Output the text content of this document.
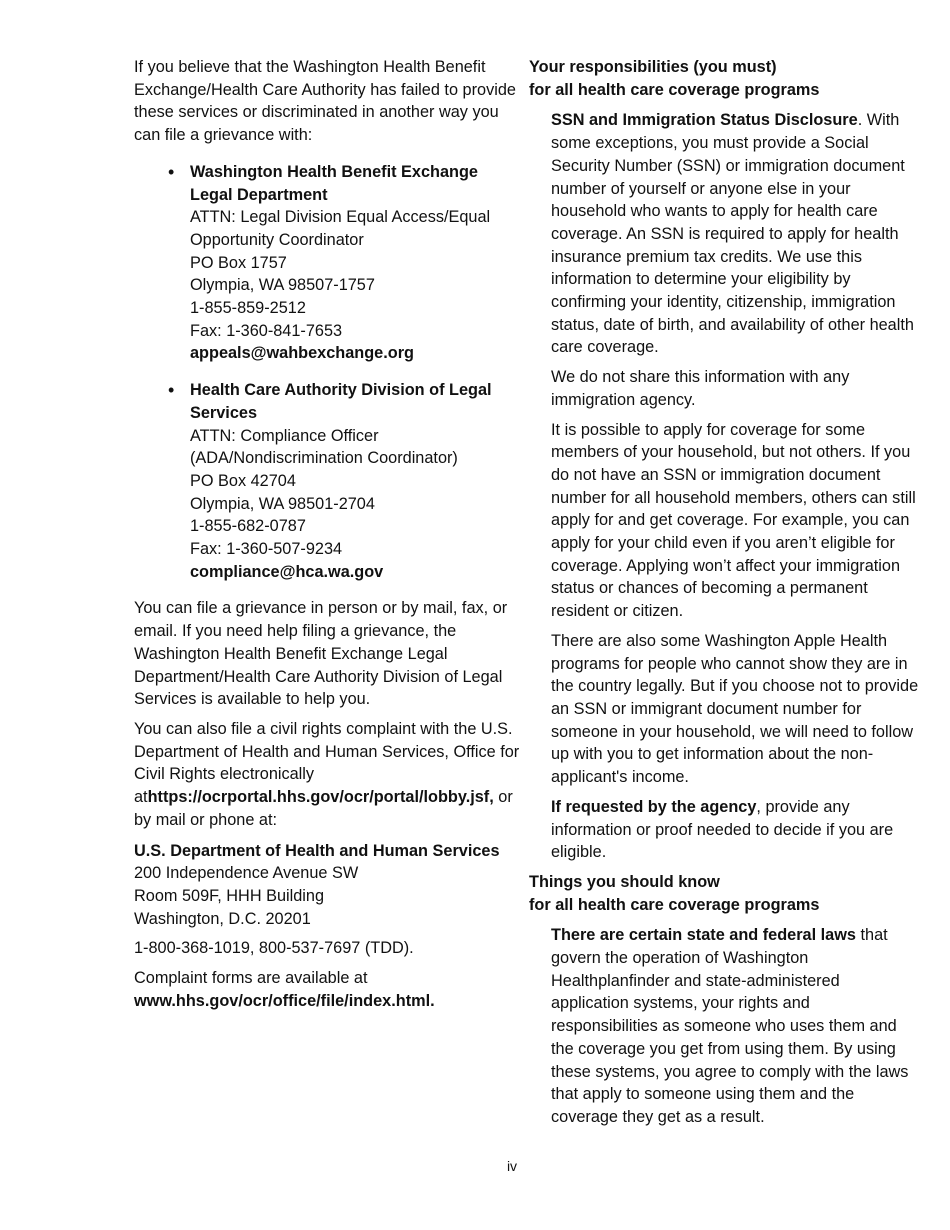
If you believe that the Washington Health Benefit Exchange/Health Care Authority has failed to provide these services or discriminated in another way you can file a grievance with:

• Washington Health Benefit Exchange Legal Department
ATTN: Legal Division Equal Access/Equal Opportunity Coordinator
PO Box 1757
Olympia, WA 98507-1757
1-855-859-2512
Fax: 1-360-841-7653
appeals@wahbexchange.org
• Health Care Authority Division of Legal Services
ATTN: Compliance Officer
(ADA/Nondiscrimination Coordinator)
PO Box 42704
Olympia, WA 98501-2704
1-855-682-0787
Fax: 1-360-507-9234
compliance@hca.wa.gov

You can file a grievance in person or by mail, fax, or email. If you need help filing a grievance, the Washington Health Benefit Exchange Legal Department/Health Care Authority Division of Legal Services is available to help you.

You can also file a civil rights complaint with the U.S. Department of Health and Human Services, Office for Civil Rights electronically athttps://ocrportal.hhs.gov/ocr/portal/lobby.jsf, or by mail or phone at:

U.S. Department of Health and Human Services
200 Independence Avenue SW
Room 509F, HHH Building
Washington, D.C. 20201

1-800-368-1019, 800-537-7697 (TDD).

Complaint forms are available at
www.hhs.gov/ocr/office/file/index.html.

Your responsibilities (you must)
for all health care coverage programs

SSN and Immigration Status Disclosure. With some exceptions, you must provide a Social Security Number (SSN) or immigration document number of yourself or anyone else in your household who wants to apply for health care coverage. An SSN is required to apply for health insurance premium tax credits. We use this information to determine your eligibility by confirming your identity, citizenship, immigration status, date of birth, and availability of other health care coverage.

We do not share this information with any immigration agency.

It is possible to apply for coverage for some members of your household, but not others. If you do not have an SSN or immigration document number for all household members, others can still apply for and get coverage. For example, you can apply for your child even if you aren’t eligible for coverage. Applying won’t affect your immigration status or chances of becoming a permanent resident or citizen.

There are also some Washington Apple Health programs for people who cannot show they are in the country legally. But if you choose not to provide an SSN or immigrant document number for someone in your household, we will need to follow up with you to get information about the non-applicant's income.

If requested by the agency, provide any information or proof needed to decide if you are eligible.

Things you should know
for all health care coverage programs

There are certain state and federal laws that govern the operation of Washington Healthplanfinder and state-administered application systems, your rights and responsibilities as someone who uses them and the coverage you get from using them. By using these systems, you agree to comply with the laws that apply to someone using them and the coverage they get as a result.

iv
